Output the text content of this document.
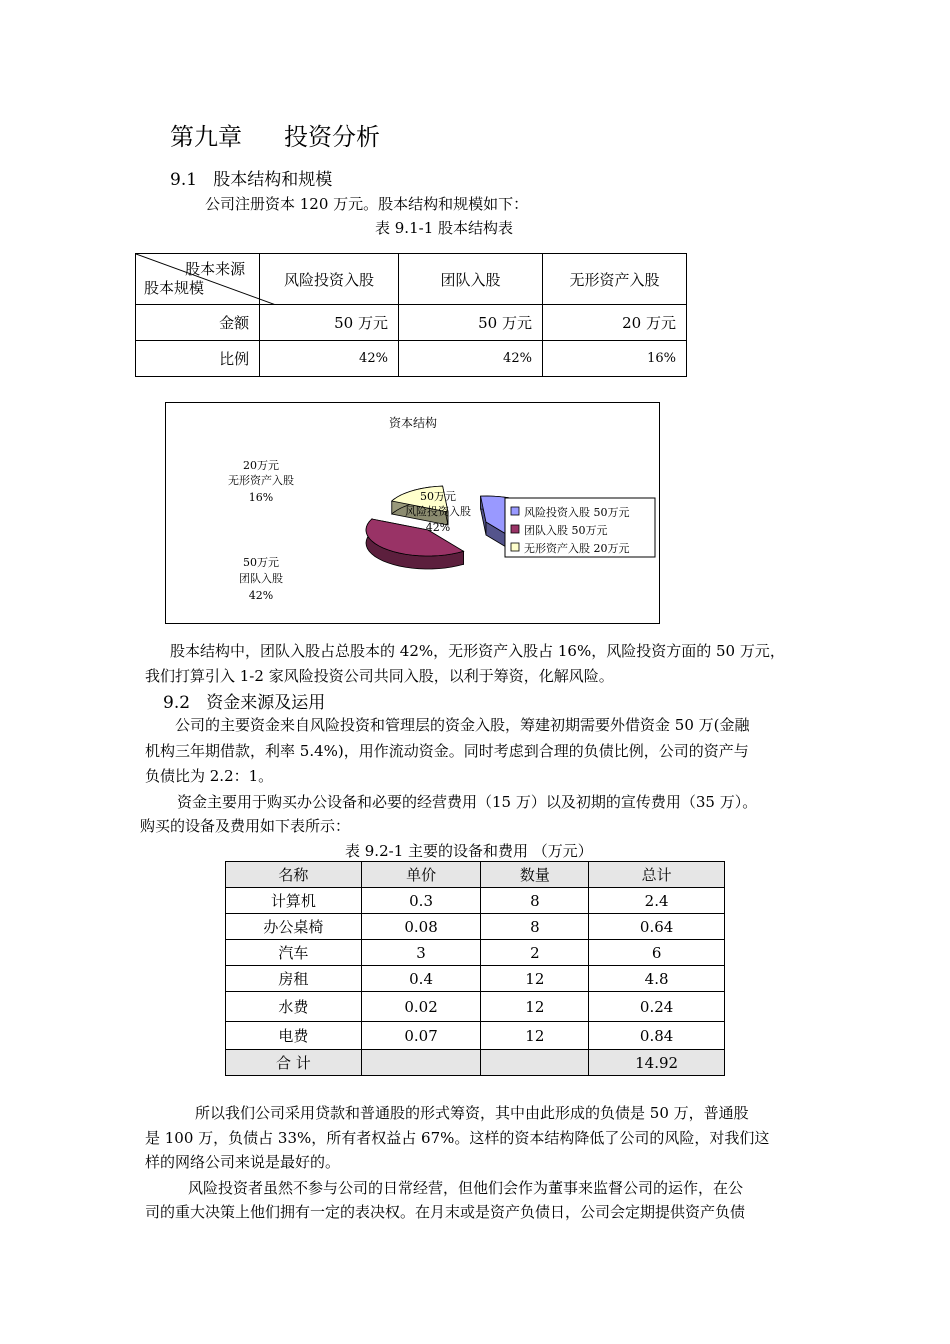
第九章 投资分析
9.1 股本结构和规模
公司注册资本 120 万元。股本结构和规模如下：
表 9.1-1 股本结构表
股本来源
股本规模	风险投资入股	团队入股	无形资产入股
金额	50 万元	50 万元	20 万元
比例	42%	42%	16%
资本结构
50万元
风险投资入股
42%
50万元
团队入股
42%
20万元
无形资产入股
16%
风险投资入股 50万元
团队入股 50万元
无形资产入股 20万元
股本结构中，团队入股占总股本的 42%，无形资产入股占 16%，风险投资方面的 50 万元，
我们打算引入 1-2 家风险投资公司共同入股，以利于筹资，化解风险。
9.2 资金来源及运用
公司的主要资金来自风险投资和管理层的资金入股，筹建初期需要外借资金 50 万(金融
机构三年期借款，利率 5.4%)，用作流动资金。同时考虑到合理的负债比例，公司的资产与
负债比为 2.2：1。
资金主要用于购买办公设备和必要的经营费用（15 万）以及初期的宣传费用（35 万）。
购买的设备及费用如下表所示：
表 9.2-1 主要的设备和费用 （万元）
名称	单价	数量	总计
计算机	0.3	8	2.4
办公桌椅	0.08	8	0.64
汽车	3	2	6
房租	0.4	12	4.8
水费	0.02	12	0.24
电费	0.07	12	0.84
合 计			14.92
所以我们公司采用贷款和普通股的形式筹资，其中由此形成的负债是 50 万，普通股
是 100 万，负债占 33%，所有者权益占 67%。这样的资本结构降低了公司的风险，对我们这
样的网络公司来说是最好的。
风险投资者虽然不参与公司的日常经营，但他们会作为董事来监督公司的运作，在公
司的重大决策上他们拥有一定的表决权。在月末或是资产负债日，公司会定期提供资产负债
